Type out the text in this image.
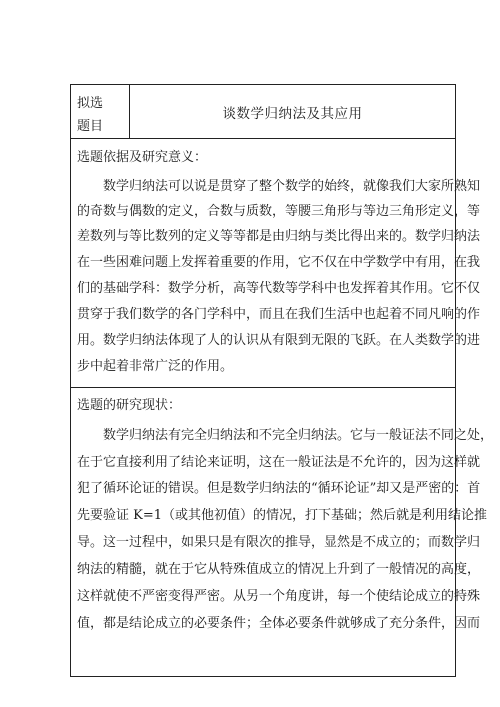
拟选
题目
谈数学归纳法及其应用
选题依据及研究意义：
数学归纳法可以说是贯穿了整个数学的始终，就像我们大家所熟知
的奇数与偶数的定义，合数与质数，等腰三角形与等边三角形定义，等
差数列与等比数列的定义等等都是由归纳与类比得出来的。数学归纳法
在一些困难问题上发挥着重要的作用，它不仅在中学数学中有用，在我
们的基础学科：数学分析，高等代数等学科中也发挥着其作用。它不仅
贯穿于我们数学的各门学科中，而且在我们生活中也起着不同凡响的作
用。数学归纳法体现了人的认识从有限到无限的飞跃。在人类数学的进
步中起着非常广泛的作用。
选题的研究现状：
数学归纳法有完全归纳法和不完全归纳法。它与一般证法不同之处，
在于它直接利用了结论来证明，这在一般证法是不允许的，因为这样就
犯了循环论证的错误。但是数学归纳法的“循环论证”却又是严密的：首
先要验证 K=1（或其他初值）的情况，打下基础；然后就是利用结论推
导。这一过程中，如果只是有限次的推导，显然是不成立的；而数学归
纳法的精髓，就在于它从特殊值成立的情况上升到了一般情况的高度，
这样就使不严密变得严密。从另一个角度讲，每一个使结论成立的特殊
值，都是结论成立的必要条件；全体必要条件就够成了充分条件，因而
